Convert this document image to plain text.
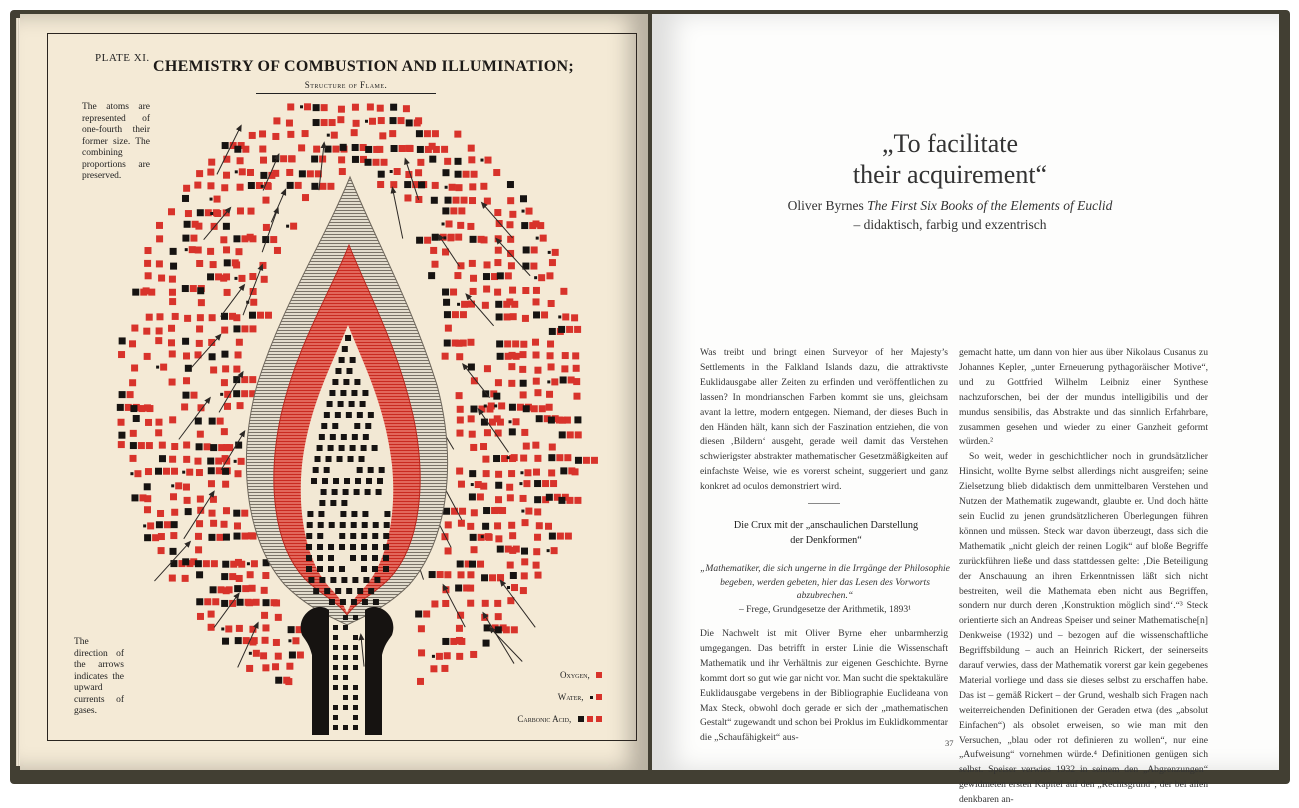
PLATE XI. CHEMISTRY OF COMBUSTION AND ILLUMINATION;
Structure of Flame.
The atoms are represented of one-fourth their former size. The combining proportions are preserved.
The direction of the arrows indicates the upward currents of gases.
Oxygen,
Water,
Carbonic Acid,
„To facilitate
their acquirement“
Oliver Byrnes The First Six Books of the Elements of Euclid
– didaktisch, farbig und exzentrisch

Was treibt und bringt einen Surveyor of her Majesty’s Settlements in the Falkland Islands dazu, die attraktivste Euklidausgabe aller Zeiten zu erfinden und veröffentlichen zu lassen? In mondrianschen Farben kommt sie uns, gleichsam avant la lettre, modern entgegen. Niemand, der dieses Buch in den Händen hält, kann sich der Faszination entziehen, die von diesen ‚Bildern‘ ausgeht, gerade weil damit das Verstehen schwierigster abstrakter mathematischer Gesetzmäßigkeiten auf einfachste Weise, wie es vorerst scheint, suggeriert und ganz konkret ad oculos demonstriert wird.

Die Crux mit der „anschaulichen Darstellung der Denkformen“
„Mathematiker, die sich ungerne in die Irrgänge der Philosophie begeben, werden gebeten, hier das Lesen des Vorworts abzubrechen.“
– Frege, Grundgesetze der Arithmetik, 1893¹

Die Nachwelt ist mit Oliver Byrne eher unbarmherzig umgegangen. Das betrifft in erster Linie die Wissenschaft Mathematik und ihr Verhältnis zur eigenen Geschichte. Byrne kommt dort so gut wie gar nicht vor. Man sucht die spektakuläre Euklidausgabe vergebens in der Bibliographie Euclideana von Max Steck, obwohl doch gerade er sich der „mathematischen Gestalt“ zugewandt und schon bei Proklus im Euklidkommentar die „Schaufähigkeit“ aus-

gemacht hatte, um dann von hier aus über Nikolaus Cusanus zu Johannes Kepler, „unter Erneuerung pythagoräischer Motive“, und zu Gottfried Wilhelm Leibniz einer Synthese nachzuforschen, bei der der mundus intelligibilis und der mundus sensibilis, das Abstrakte und das sinnlich Erfahrbare, zusammen gesehen und wieder zu einer Ganzheit geformt würden.²

So weit, weder in geschichtlicher noch in grundsätzlicher Hinsicht, wollte Byrne selbst allerdings nicht ausgreifen; seine Zielsetzung blieb didaktisch dem unmittelbaren Verstehen und Nutzen der Mathematik zugewandt, glaubte er. Und doch hätte sein Euclid zu jenen grundsätzlicheren Überlegungen führen können und müssen. Steck war davon überzeugt, dass sich die Mathematik „nicht gleich der reinen Logik“ auf bloße Begriffe zurückführen ließe und dass stattdessen gelte: ‚Die Beteiligung der Anschauung an ihren Erkenntnissen läßt sich nicht bestreiten, weil die Mathemata eben nicht aus Begriffen, sondern nur durch deren ‚Konstruktion möglich sind‘.“³ Steck orientierte sich an Andreas Speiser und seiner Mathematische[n] Denkweise (1932) und – bezogen auf die wissenschaftliche Begriffsbildung – auch an Heinrich Rickert, der seinerseits darauf verwies, dass der Mathematik vorerst gar kein gegebenes Material vorliege und dass sie dieses selbst zu erschaffen habe. Das ist – gemäß Rickert – der Grund, weshalb sich Fragen nach weiterreichenden Definitionen der Geraden etwa (des „absolut Einfachen“) als obsolet erweisen, so wie man mit den Versuchen, „blau oder rot definieren zu wollen“, nur eine „Aufweisung“ vornehmen würde.⁴ Definitionen genügen sich selbst. Speiser verwies 1932 in seinem den „Abgrenzungen“ gewidmeten ersten Kapitel auf den „Rechtsgrund“, der bei allen denkbaren an-

37
